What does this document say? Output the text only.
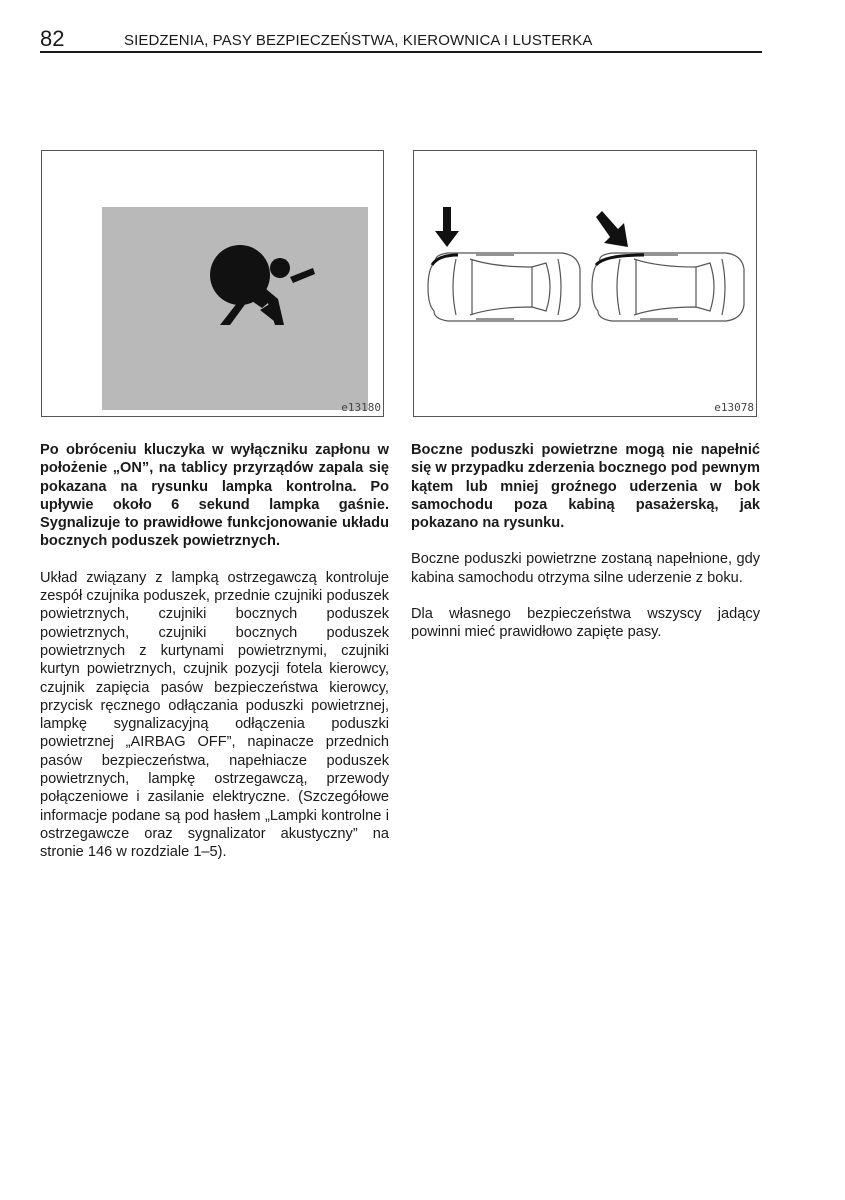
82	SIEDZENIA, PASY BEZPIECZEŃSTWA, KIEROWNICA I LUSTERKA
e13180	e13078

Po obróceniu kluczyka w wyłączniku zapłonu w położenie „ON”, na tablicy przyrządów zapala się pokazana na rysunku lampka kontrolna. Po upływie około 6 sekund lampka gaśnie. Sygnalizuje to prawidłowe funkcjonowanie układu bocznych poduszek powietrznych.

Układ związany z lampką ostrzegawczą kontroluje zespół czujnika poduszek, przednie czujniki poduszek powietrznych, czujniki bocznych poduszek powietrznych, czujniki bocznych poduszek powietrznych z kurtynami powietrznymi, czujniki kurtyn powietrznych, czujnik pozycji fotela kierowcy, czujnik zapięcia pasów bezpieczeństwa kierowcy, przycisk ręcznego odłączania poduszki powietrznej, lampkę sygnalizacyjną odłączenia poduszki powietrznej „AIRBAG OFF”, napinacze przednich pasów bezpieczeństwa, napełniacze poduszek powietrznych, lampkę ostrzegawczą, przewody połączeniowe i zasilanie elektryczne. (Szczegółowe informacje podane są pod hasłem „Lampki kontrolne i ostrzegawcze oraz sygnalizator akustyczny” na stronie 146 w rozdziale 1–5).

Boczne poduszki powietrzne mogą nie napełnić się w przypadku zderzenia bocznego pod pewnym kątem lub mniej groźnego uderzenia w bok samochodu poza kabiną pasażerską, jak pokazano na rysunku.

Boczne poduszki powietrzne zostaną napełnione, gdy kabina samochodu otrzyma silne uderzenie z boku.

Dla własnego bezpieczeństwa wszyscy jadący powinni mieć prawidłowo zapięte pasy.
